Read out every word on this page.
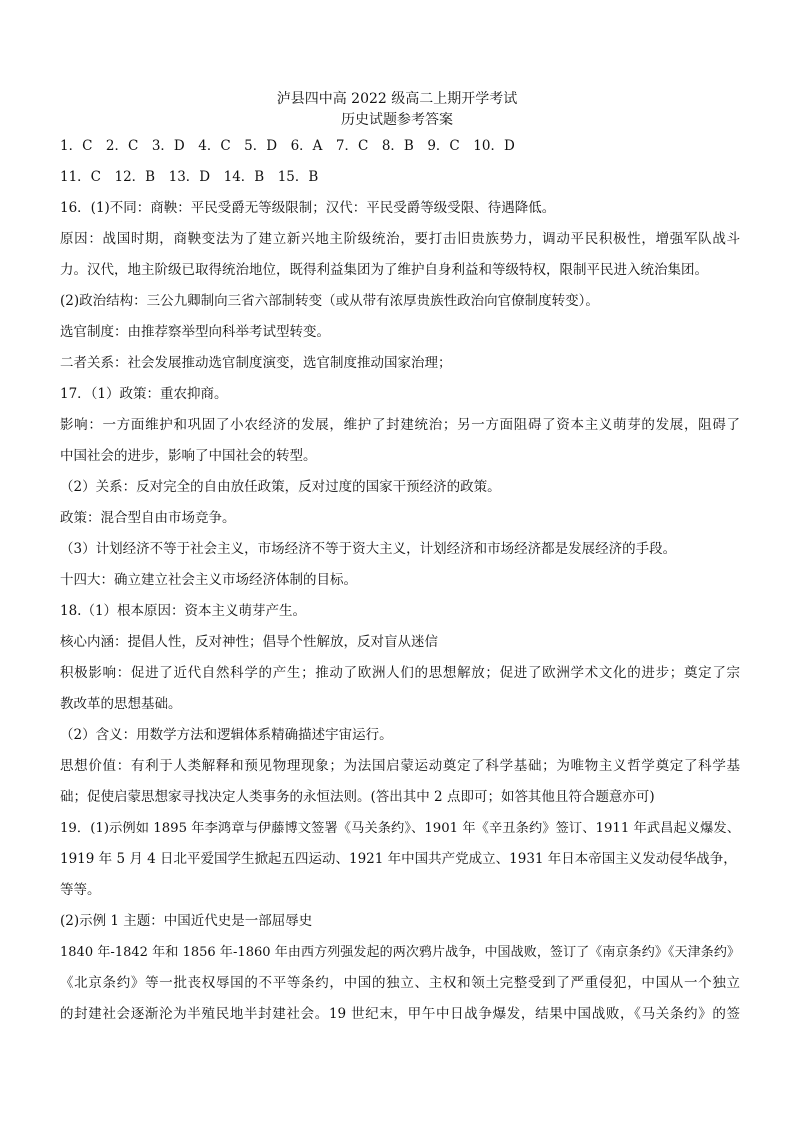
泸县四中高 2022 级高二上期开学考试
历史试题参考答案
1．C　2．C　3．D　4．C　5．D　6．A　7．C　8．B　9．C　10．D
11．C　12．B　13．D　14．B　15．B
16．(1)不同：商鞅：平民受爵无等级限制；汉代：平民受爵等级受限、待遇降低。
原因：战国时期，商鞅变法为了建立新兴地主阶级统治，要打击旧贵族势力，调动平民积极性，增强军队战斗
力。汉代，地主阶级已取得统治地位，既得利益集团为了维护自身利益和等级特权，限制平民进入统治集团。
(2)政治结构：三公九卿制向三省六部制转变（或从带有浓厚贵族性政治向官僚制度转变）。
选官制度：由推荐察举型向科举考试型转变。
二者关系：社会发展推动选官制度演变，选官制度推动国家治理；
17．（1）政策：重农抑商。
影响：一方面维护和巩固了小农经济的发展，维护了封建统治；另一方面阻碍了资本主义萌芽的发展，阻碍了
中国社会的进步，影响了中国社会的转型。
（2）关系：反对完全的自由放任政策，反对过度的国家干预经济的政策。
政策：混合型自由市场竞争。
（3）计划经济不等于社会主义，市场经济不等于资大主义，计划经济和市场经济都是发展经济的手段。
十四大：确立建立社会主义市场经济体制的目标。
18.（1）根本原因：资本主义萌芽产生。
核心内涵：提倡人性，反对神性；倡导个性解放，反对盲从迷信
积极影响：促进了近代自然科学的产生；推动了欧洲人们的思想解放；促进了欧洲学术文化的进步；奠定了宗
教改革的思想基础。
（2）含义：用数学方法和逻辑体系精确描述宇宙运行。
思想价值：有利于人类解释和预见物理现象；为法国启蒙运动奠定了科学基础；为唯物主义哲学奠定了科学基
础；促使启蒙思想家寻找决定人类事务的永恒法则。(答出其中 2 点即可；如答其他且符合题意亦可)
19．(1)示例如 1895 年李鸿章与伊藤博文签署《马关条约》、1901 年《辛丑条约》签订、1911 年武昌起义爆发、
1919 年 5 月 4 日北平爱国学生掀起五四运动、1921 年中国共产党成立、1931 年日本帝国主义发动侵华战争，
等等。
(2)示例 1 主题：中国近代史是一部屈辱史
1840 年-1842 年和 1856 年-1860 年由西方列强发起的两次鸦片战争，中国战败，签订了《南京条约》《天津条约》
《北京条约》等一批丧权辱国的不平等条约，中国的独立、主权和领土完整受到了严重侵犯，中国从一个独立
的封建社会逐渐沦为半殖民地半封建社会。19 世纪末，甲午中日战争爆发，结果中国战败，《马关条约》的签
